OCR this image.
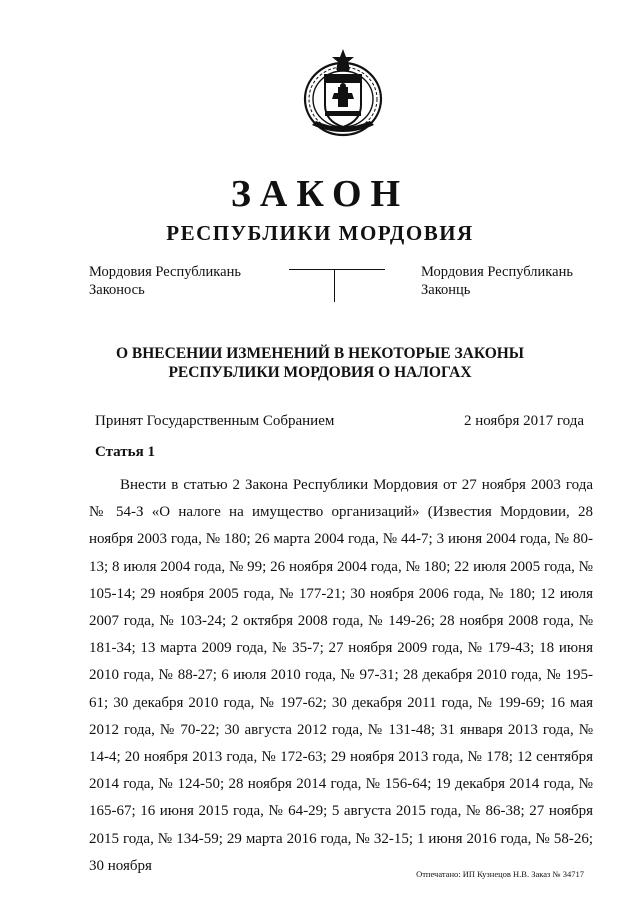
ЗАКОН
РЕСПУБЛИКИ МОРДОВИЯ
Мордовия Республикань
Законось
Мордовия Республикань
Законць
О ВНЕСЕНИИ ИЗМЕНЕНИЙ В НЕКОТОРЫЕ ЗАКОНЫ
РЕСПУБЛИКИ МОРДОВИЯ О НАЛОГАХ
Принят Государственным Собранием	2 ноября 2017 года
Статья 1

Внести в статью 2 Закона Республики Мордовия от 27 ноября 2003 года № 54-З «О налоге на имущество организаций» (Известия Мордовии, 28 ноября 2003 года, № 180; 26 марта 2004 года, № 44-7; 3 июня 2004 года, № 80-13; 8 июля 2004 года, № 99; 26 ноября 2004 года, № 180; 22 июля 2005 года, № 105-14; 29 ноября 2005 года, № 177-21; 30 ноября 2006 года, № 180; 12 июля 2007 года, № 103-24; 2 октября 2008 года, № 149-26; 28 ноября 2008 года, № 181-34; 13 марта 2009 года, № 35-7; 27 ноября 2009 года, № 179-43; 18 июня 2010 года, № 88-27; 6 июля 2010 года, № 97-31; 28 декабря 2010 года, № 195-61; 30 декабря 2010 года, № 197-62; 30 декабря 2011 года, № 199-69; 16 мая 2012 года, № 70-22; 30 августа 2012 года, № 131-48; 31 января 2013 года, № 14-4; 20 ноября 2013 года, № 172-63; 29 ноября 2013 года, № 178; 12 сентября 2014 года, № 124-50; 28 ноября 2014 года, № 156-64; 19 декабря 2014 года, № 165-67; 16 июня 2015 года, № 64-29; 5 августа 2015 года, № 86-38; 27 ноября 2015 года, № 134-59; 29 марта 2016 года, № 32-15; 1 июня 2016 года, № 58-26; 30 ноября

Отпечатано: ИП Кузнецов Н.В. Заказ № 34717
